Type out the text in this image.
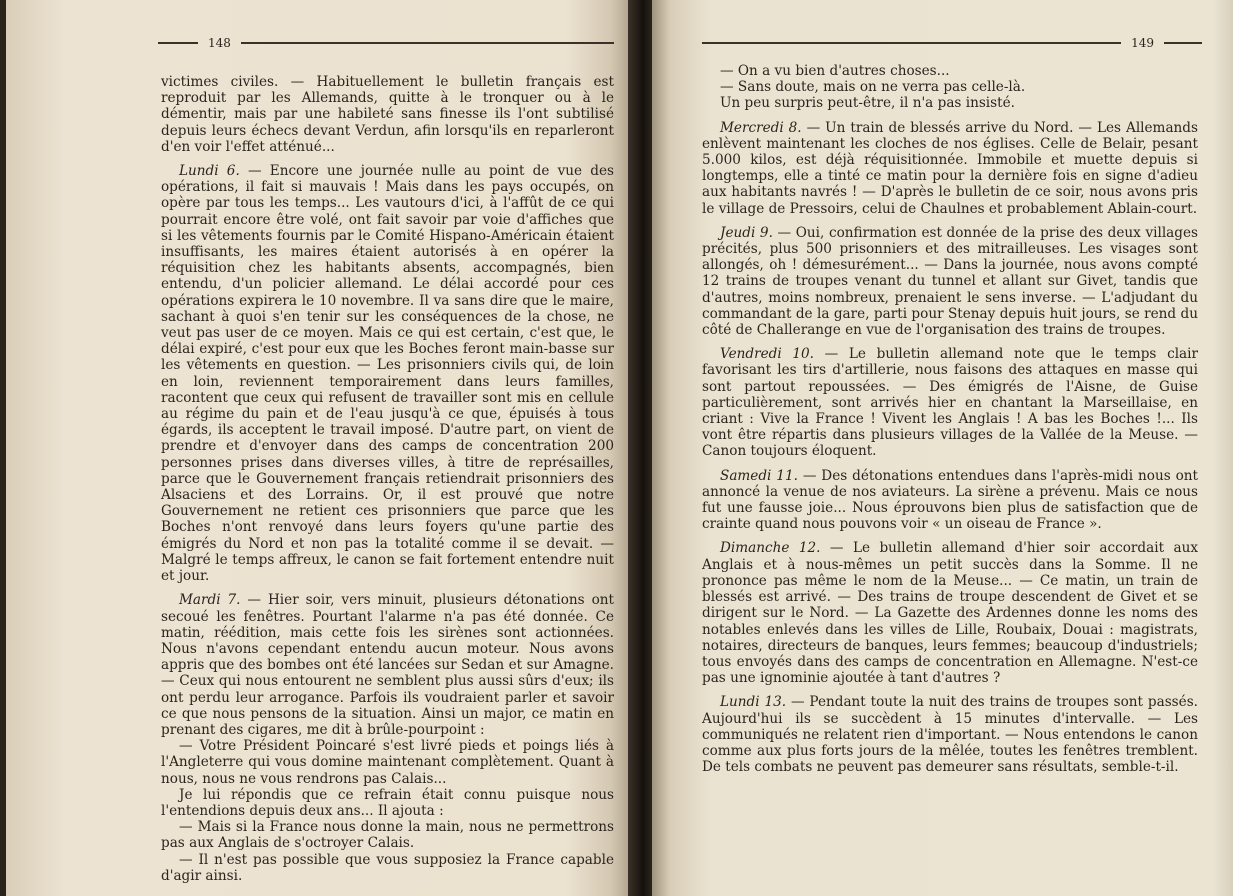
148

victimes civiles. — Habituellement le bulletin français est reproduit par les Allemands, quitte à le tronquer ou à le démentir, mais par une habileté sans finesse ils l'ont subtilisé depuis leurs échecs devant Verdun, afin lorsqu'ils en reparleront d'en voir l'effet atténué...

Lundi 6. — Encore une journée nulle au point de vue des opérations, il fait si mauvais ! Mais dans les pays occupés, on opère par tous les temps... Les vautours d'ici, à l'affût de ce qui pourrait encore être volé, ont fait savoir par voie d'affiches que si les vêtements fournis par le Comité Hispano-Américain étaient insuffisants, les maires étaient autorisés à en opérer la réquisition chez les habitants absents, accompagnés, bien entendu, d'un policier allemand. Le délai accordé pour ces opérations expirera le 10 novembre. Il va sans dire que le maire, sachant à quoi s'en tenir sur les conséquences de la chose, ne veut pas user de ce moyen. Mais ce qui est certain, c'est que, le délai expiré, c'est pour eux que les Boches feront main-basse sur les vêtements en question. — Les prisonniers civils qui, de loin en loin, reviennent temporairement dans leurs familles, racontent que ceux qui refusent de travailler sont mis en cellule au régime du pain et de l'eau jusqu'à ce que, épuisés à tous égards, ils acceptent le travail imposé. D'autre part, on vient de prendre et d'envoyer dans des camps de concentration 200 personnes prises dans diverses villes, à titre de représailles, parce que le Gouvernement français retiendrait prisonniers des Alsaciens et des Lorrains. Or, il est prouvé que notre Gouvernement ne retient ces prisonniers que parce que les Boches n'ont renvoyé dans leurs foyers qu'une partie des émigrés du Nord et non pas la totalité comme il se devait. — Malgré le temps affreux, le canon se fait fortement entendre nuit et jour.

Mardi 7. — Hier soir, vers minuit, plusieurs détonations ont secoué les fenêtres. Pourtant l'alarme n'a pas été donnée. Ce matin, réédition, mais cette fois les sirènes sont actionnées. Nous n'avons cependant entendu aucun moteur. Nous avons appris que des bombes ont été lancées sur Sedan et sur Amagne. — Ceux qui nous entourent ne semblent plus aussi sûrs d'eux; ils ont perdu leur arrogance. Parfois ils voudraient parler et savoir ce que nous pensons de la situation. Ainsi un major, ce matin en prenant des cigares, me dit à brûle-pourpoint :

— Votre Président Poincaré s'est livré pieds et poings liés à l'Angleterre qui vous domine maintenant complètement. Quant à nous, nous ne vous rendrons pas Calais...

Je lui répondis que ce refrain était connu puisque nous l'entendions depuis deux ans... Il ajouta :

— Mais si la France nous donne la main, nous ne permettrons pas aux Anglais de s'octroyer Calais.

— Il n'est pas possible que vous supposiez la France capable d'agir ainsi.

149

— On a vu bien d'autres choses...

— Sans doute, mais on ne verra pas celle-là.

Un peu surpris peut-être, il n'a pas insisté.

Mercredi 8. — Un train de blessés arrive du Nord. — Les Allemands enlèvent maintenant les cloches de nos églises. Celle de Belair, pesant 5.000 kilos, est déjà réquisitionnée. Immobile et muette depuis si longtemps, elle a tinté ce matin pour la dernière fois en signe d'adieu aux habitants navrés ! — D'après le bulletin de ce soir, nous avons pris le village de Pressoirs, celui de Chaulnes et probablement Ablain-court.

Jeudi 9. — Oui, confirmation est donnée de la prise des deux villages précités, plus 500 prisonniers et des mitrailleuses. Les visages sont allongés, oh ! démesurément... — Dans la journée, nous avons compté 12 trains de troupes venant du tunnel et allant sur Givet, tandis que d'autres, moins nombreux, prenaient le sens inverse. — L'adjudant du commandant de la gare, parti pour Stenay depuis huit jours, se rend du côté de Challerange en vue de l'organisation des trains de troupes.

Vendredi 10. — Le bulletin allemand note que le temps clair favorisant les tirs d'artillerie, nous faisons des attaques en masse qui sont partout repoussées. — Des émigrés de l'Aisne, de Guise particulièrement, sont arrivés hier en chantant la Marseillaise, en criant : Vive la France ! Vivent les Anglais ! A bas les Boches !... Ils vont être répartis dans plusieurs villages de la Vallée de la Meuse. — Canon toujours éloquent.

Samedi 11. — Des détonations entendues dans l'après-midi nous ont annoncé la venue de nos aviateurs. La sirène a prévenu. Mais ce nous fut une fausse joie... Nous éprouvons bien plus de satisfaction que de crainte quand nous pouvons voir « un oiseau de France ».

Dimanche 12. — Le bulletin allemand d'hier soir accordait aux Anglais et à nous-mêmes un petit succès dans la Somme. Il ne prononce pas même le nom de la Meuse... — Ce matin, un train de blessés est arrivé. — Des trains de troupe descendent de Givet et se dirigent sur le Nord. — La Gazette des Ardennes donne les noms des notables enlevés dans les villes de Lille, Roubaix, Douai : magistrats, notaires, directeurs de banques, leurs femmes; beaucoup d'industriels; tous envoyés dans des camps de concentration en Allemagne. N'est-ce pas une ignominie ajoutée à tant d'autres ?

Lundi 13. — Pendant toute la nuit des trains de troupes sont passés. Aujourd'hui ils se succèdent à 15 minutes d'intervalle. — Les communiqués ne relatent rien d'important. — Nous entendons le canon comme aux plus forts jours de la mêlée, toutes les fenêtres tremblent. De tels combats ne peuvent pas demeurer sans résultats, semble-t-il.
